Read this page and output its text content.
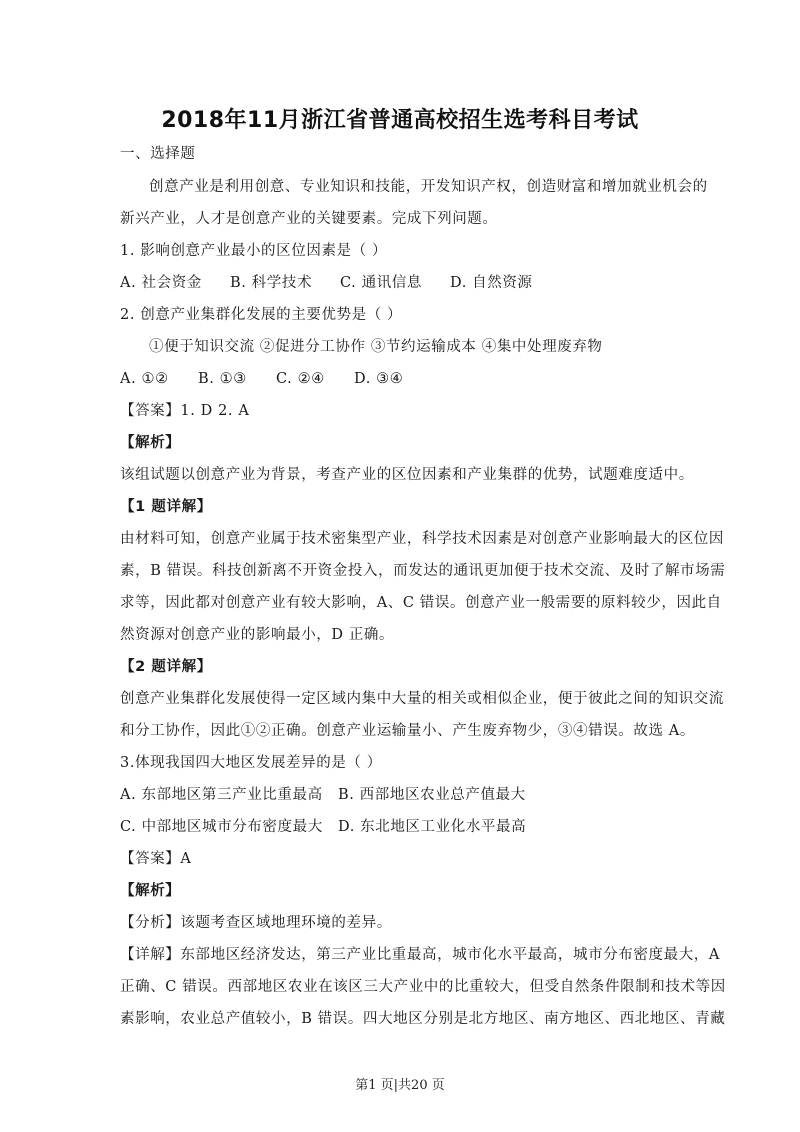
2018年11月浙江省普通高校招生选考科目考试
一、选择题
创意产业是利用创意、专业知识和技能，开发知识产权，创造财富和增加就业机会的
新兴产业，人才是创意产业的关键要素。完成下列问题。
1. 影响创意产业最小的区位因素是（ ）
A. 社会资金 B. 科学技术 C. 通讯信息 D. 自然资源
2. 创意产业集群化发展的主要优势是（ ）
①便于知识交流 ②促进分工协作 ③节约运输成本 ④集中处理废弃物
A. ①② B. ①③ C. ②④ D. ③④
【答案】1. D 2. A
【解析】
该组试题以创意产业为背景，考查产业的区位因素和产业集群的优势，试题难度适中。
【1 题详解】
由材料可知，创意产业属于技术密集型产业，科学技术因素是对创意产业影响最大的区位因
素，B 错误。科技创新离不开资金投入，而发达的通讯更加便于技术交流、及时了解市场需
求等，因此都对创意产业有较大影响，A、C 错误。创意产业一般需要的原料较少，因此自
然资源对创意产业的影响最小，D 正确。
【2 题详解】
创意产业集群化发展使得一定区域内集中大量的相关或相似企业，便于彼此之间的知识交流
和分工协作，因此①②正确。创意产业运输量小、产生废弃物少，③④错误。故选 A。
3.体现我国四大地区发展差异的是（ ）
A. 东部地区第三产业比重最高 B. 西部地区农业总产值最大
C. 中部地区城市分布密度最大 D. 东北地区工业化水平最高
【答案】A
【解析】
【分析】该题考查区域地理环境的差异。
【详解】东部地区经济发达，第三产业比重最高，城市化水平最高，城市分布密度最大，A
正确、C 错误。西部地区农业在该区三大产业中的比重较大，但受自然条件限制和技术等因
素影响，农业总产值较小，B 错误。四大地区分别是北方地区、南方地区、西北地区、青藏
第1 页|共20 页
